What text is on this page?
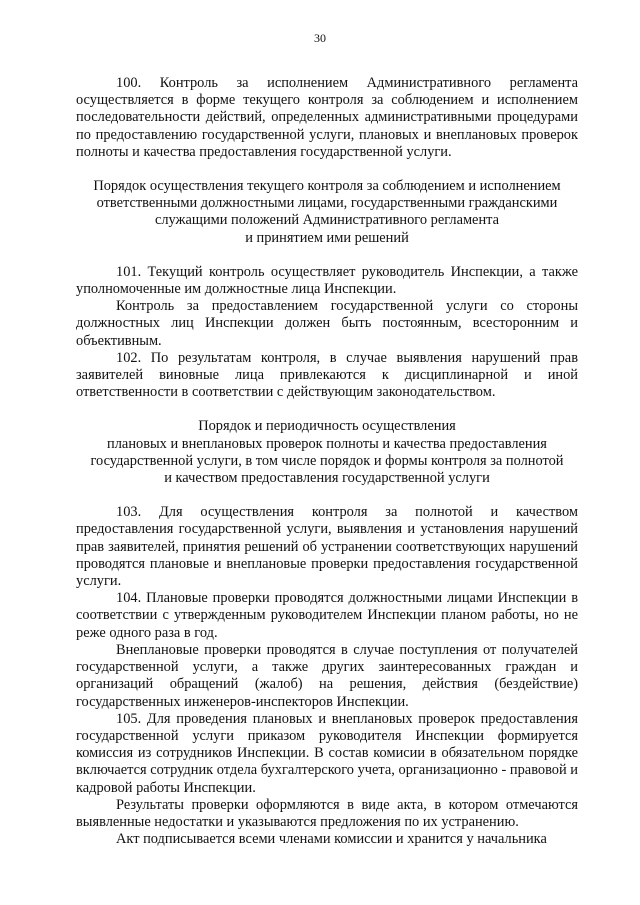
30

100. Контроль за исполнением Административного регламента осуществляется в форме текущего контроля за соблюдением и исполнением последовательности действий, определенных административными процедурами по предоставлению государственной услуги, плановых и внеплановых проверок полноты и качества предоставления государственной услуги.

Порядок осуществления текущего контроля за соблюдением и исполнением
ответственными должностными лицами, государственными гражданскими
служащими положений Административного регламента
и принятием ими решений

101. Текущий контроль осуществляет руководитель Инспекции, а также уполномоченные им должностные лица Инспекции.

Контроль за предоставлением государственной услуги со стороны должностных лиц Инспекции должен быть постоянным, всесторонним и объективным.

102. По результатам контроля, в случае выявления нарушений прав заявителей виновные лица привлекаются к дисциплинарной и иной ответственности в соответствии с действующим законодательством.

Порядок и периодичность осуществления
плановых и внеплановых проверок полноты и качества предоставления
государственной услуги, в том числе порядок и формы контроля за полнотой
и качеством предоставления государственной услуги

103. Для осуществления контроля за полнотой и качеством предоставления государственной услуги, выявления и установления нарушений прав заявителей, принятия решений об устранении соответствующих нарушений проводятся плановые и внеплановые проверки предоставления государственной услуги.

104. Плановые проверки проводятся должностными лицами Инспекции в соответствии с утвержденным руководителем Инспекции планом работы, но не реже одного раза в год.

Внеплановые проверки проводятся в случае поступления от получателей государственной услуги, а также других заинтересованных граждан и организаций обращений (жалоб) на решения, действия (бездействие) государственных инженеров-инспекторов Инспекции.

105. Для проведения плановых и внеплановых проверок предоставления государственной услуги приказом руководителя Инспекции формируется комиссия из сотрудников Инспекции. В состав комисии в обязательном порядке включается сотрудник отдела бухгалтерского учета, организационно - правовой и кадровой работы Инспекции.

Результаты проверки оформляются в виде акта, в котором отмечаются выявленные недостатки и указываются предложения по их устранению.

Акт подписывается всеми членами комиссии и хранится у начальника
